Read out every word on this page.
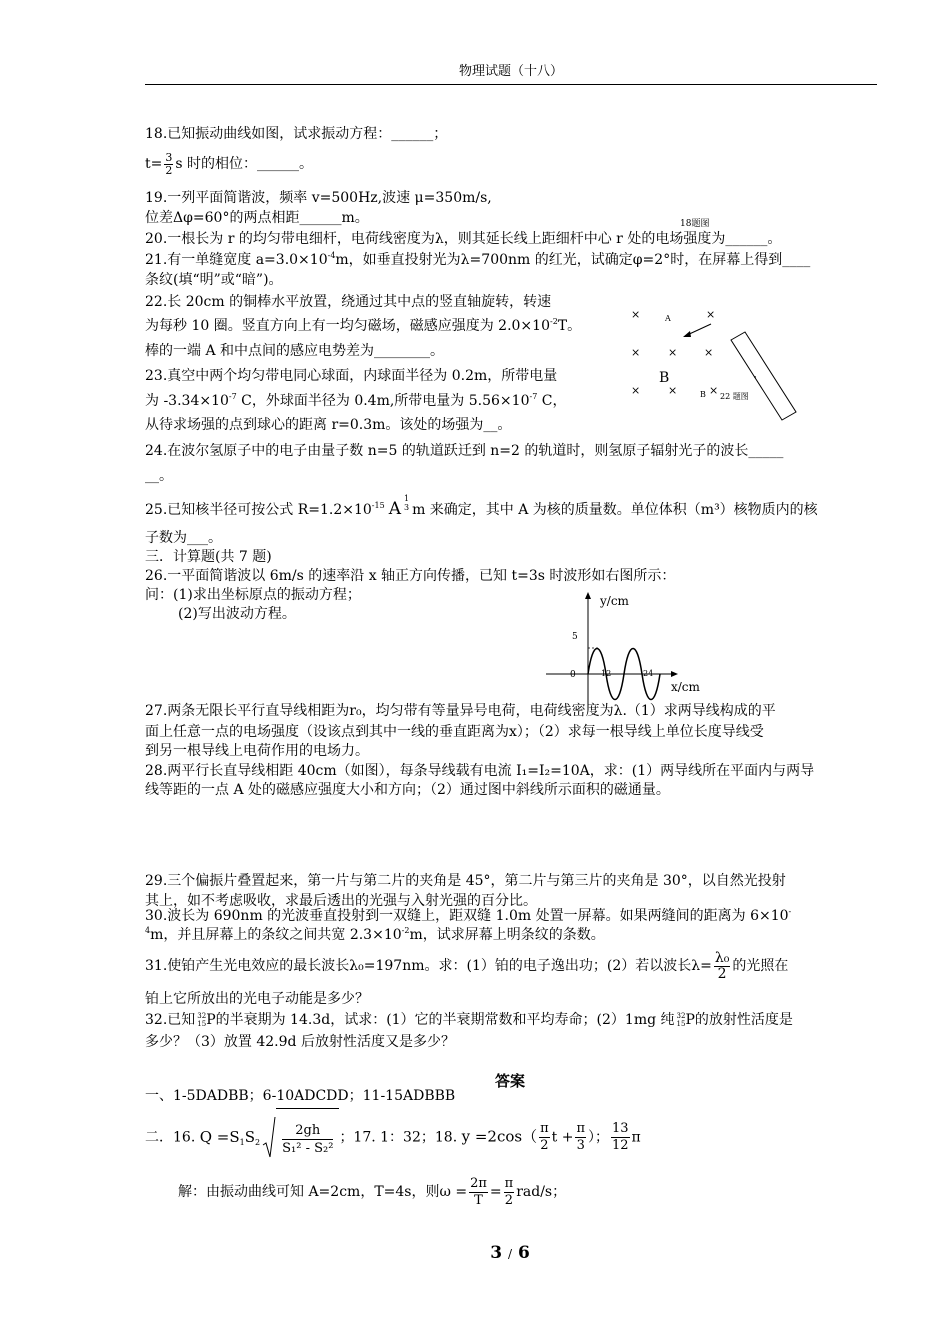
物理试题（十八）
18.已知振动曲线如图，试求振动方程：______；
$t= \frac{3}{2}$ s 时的相位：______。
19.一列平面简谐波，频率 v=500Hz,波速 μ=350m/s,
位差Δφ=60°的两点相距______m。	18题图
20.一根长为 r 的均匀带电细杆，电荷线密度为λ，则其延长线上距细杆中心 r 处的电场强度为______。
21.有一单缝宽度 $a=3.0\times 10^{-4}m$，如垂直投射光为λ=700nm 的红光，试确定φ=2°时，在屏幕上得到____
条纹(填“明”或“暗”)。
22.长 20cm 的铜棒水平放置，绕通过其中点的竖直轴旋转，转速
为每秒 10 圈。竖直方向上有一均匀磁场，磁感应强度为 $2.0\times 10^{-2}T$。
棒的一端 A 和中点间的感应电势差为________。
×	×
A
×	× ×
×	×	×
B
B 22 题图
23.真空中两个均匀带电同心球面，内球面半径为 0.2m，所带电量
为 $-3.34\times 10^{-7}$ C，外球面半径为 0.4m,所带电量为 $5.56\times 10^{-7}$ C，
从待求场强的点到球心的距离 r=0.3m。该处的场强为__。
24.在波尔氢原子中的电子由量子数 n=5 的轨道跃迁到 n=2 的轨道时，则氢原子辐射光子的波长_____
__。
25.已知核半径可按公式 $R=1.2\times 10^{-15}$ A
1
3 m 来确定，其中 A 为核的质量数。单位体积（m³）核物质内的核
子数为___。
三．计算题(共 7 题)
26.一平面简谐波以 6m/s 的速率沿 x 轴正方向传播，已知 t=3s 时波形如右图所示：
问：(1)求出坐标原点的振动方程；
(2)写出波动方程。
y/cm
x/cm
5
0	12	24
27.两条无限长平行直导线相距为r₀，均匀带有等量异号电荷，电荷线密度为λ.（1）求两导线构成的平
面上任意一点的电场强度（设该点到其中一线的垂直距离为x）；（2）求每一根导线上单位长度导线受
到另一根导线上电荷作用的电场力。
28.两平行长直导线相距 40cm（如图），每条导线载有电流 I₁=I₂=10A，求：(1）两导线所在平面内与两导
线等距的一点 A 处的磁感应强度大小和方向；（2）通过图中斜线所示面积的磁通量。
29.三个偏振片叠置起来，第一片与第二片的夹角是 45°，第二片与第三片的夹角是 30°，以自然光投射
其上，如不考虑吸收，求最后透出的光强与入射光强的百分比。
30.波长为 690nm 的光波垂直投射到一双缝上，距双缝 1.0m 处置一屏幕。如果两缝间的距离为 6×10-
$^4$m，并且屏幕上的条纹之间共宽 $2.3\times 10^{-2}m$，试求屏幕上明条纹的条数。
31.使铂产生光电效应的最长波长λ₀=197nm。求：(1）铂的电子逸出功；(2）若以波长$\lambda= \frac{\text{λ₀}}{2}$ 的光照在
铂上它所放出的光电子动能是多少？
32.已知 32
15 P的半衰期为 14.3d，试求：(1）它的半衰期常数和平均寿命；(2）1mg 纯 32
15 P的放射性活度是
多少？（3）放置 42.9d 后放射性活度又是多少？
答案
一、1-5DADBB；6-10ADCDD；11-15ADBBB
二．16. $Q =S_1S_2 \frac{2gh}{\text{S₁² - S₂²}}$ ；17. 1：32；18. $y =2\cos( \frac{\pi}{2}$ $t + \frac{\pi}{3}$ ）； $\frac{13}{12}$ π
解：由振动曲线可知 A=2cm，T=4s，则$\omega = \frac{2\pi}{T} = \frac{\pi}{2} rad/s$；
3 / 6
